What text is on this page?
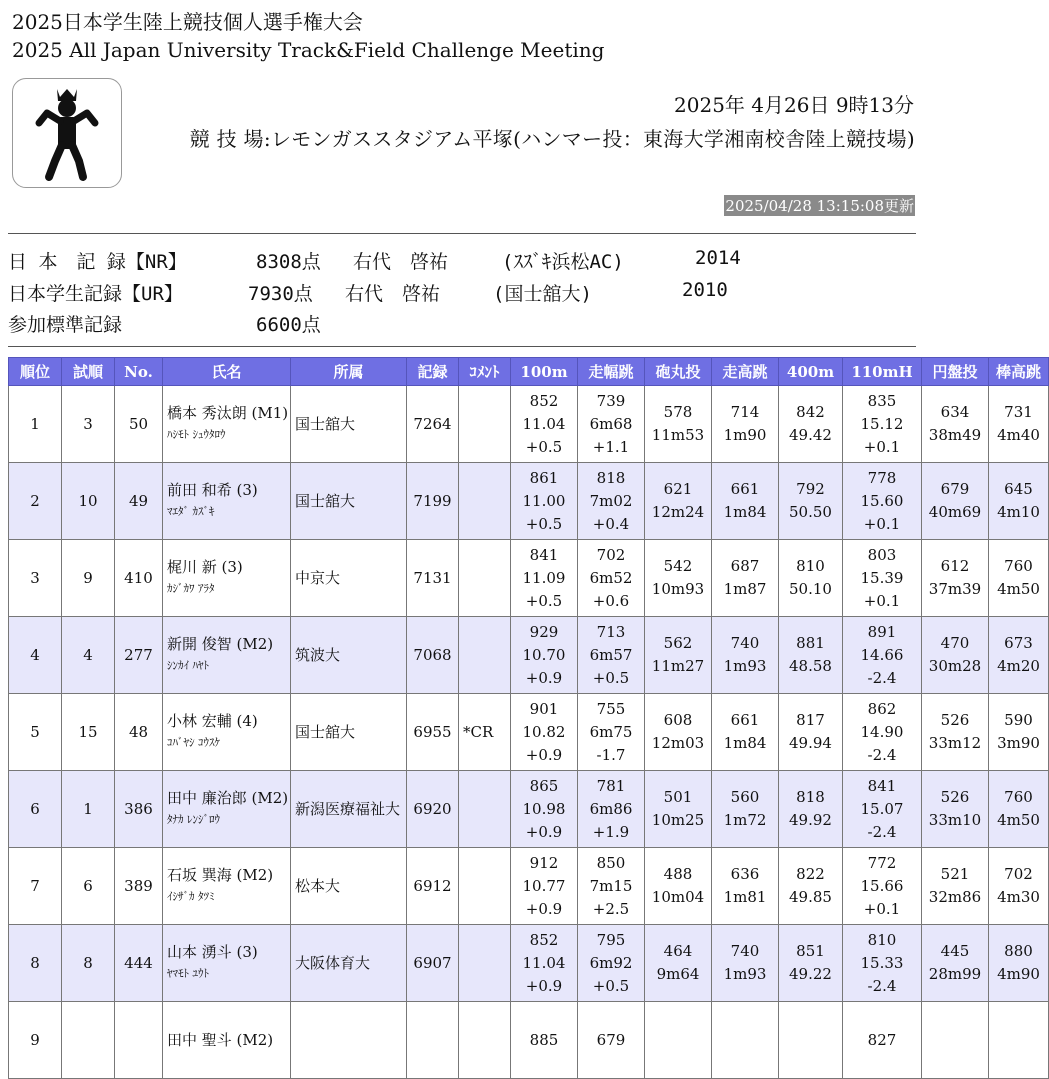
2025日本学生陸上競技個人選手権大会
2025 All Japan University Track&Field Challenge Meeting
2025年 4月26日 9時13分
競 技 場:レモンガススタジアム平塚(ハンマー投：東海大学湘南校舎陸上競技場)
2025/04/28 13:15:08更新
日 本　記 録【NR】	8308点 右代　啓祐	(ｽｽﾞｷ浜松AC)	2014
日本学生記録【UR】	7930点 右代　啓祐	(国士舘大)	2010
参加標準記録	6600点
順位	試順	No.	氏名	所属	記録	ｺﾒﾝﾄ	100m	走幅跳	砲丸投	走高跳	400m	110mH	円盤投	棒高跳
1	3	50	橋本 秀汰朗 (M1)
ﾊｼﾓﾄ ｼｭｳﾀﾛｳ	国士舘大	7264		852
11.04
+0.5	739
6m68
+1.1	578
11m53	714
1m90	842
49.42	835
15.12
+0.1	634
38m49	731
4m40

2	10	49	前田 和希 (3)
ﾏｴﾀﾞ ｶｽﾞｷ	国士舘大	7199		861
11.00
+0.5	818
7m02
+0.4	621
12m24	661
1m84	792
50.50	778
15.60
+0.1	679
40m69	645
4m10

3	9	410	梶川 新 (3)
ｶｼﾞｶﾜ ｱﾗﾀ	中京大	7131		841
11.09
+0.5	702
6m52
+0.6	542
10m93	687
1m87	810
50.10	803
15.39
+0.1	612
37m39	760
4m50

4	4	277	新開 俊智 (M2)
ｼﾝｶｲ ﾊﾔﾄ	筑波大	7068		929
10.70
+0.9	713
6m57
+0.5	562
11m27	740
1m93	881
48.58	891
14.66
-2.4	470
30m28	673
4m20

5	15	48	小林 宏輔 (4)
ｺﾊﾞﾔｼ ｺｳｽｹ	国士舘大	6955	*CR	901
10.82
+0.9	755
6m75
-1.7	608
12m03	661
1m84	817
49.94	862
14.90
-2.4	526
33m12	590
3m90

6	1	386	田中 廉治郎 (M2)
ﾀﾅｶ ﾚﾝｼﾞﾛｳ	新潟医療福祉大	6920		865
10.98
+0.9	781
6m86
+1.9	501
10m25	560
1m72	818
49.92	841
15.07
-2.4	526
33m10	760
4m50

7	6	389	石坂 巽海 (M2)
ｲｼｻﾞｶ ﾀﾂﾐ	松本大	6912		912
10.77
+0.9	850
7m15
+2.5	488
10m04	636
1m81	822
49.85	772
15.66
+0.1	521
32m86	702
4m30

8	8	444	山本 湧斗 (3)
ﾔﾏﾓﾄ ﾕｳﾄ	大阪体育大	6907		852
11.04
+0.9	795
6m92
+0.5	464
9m64	740
1m93	851
49.22	810
15.33
-2.4	445
28m99	880
4m90

9			田中 聖斗 (M2)				885	679				827		
